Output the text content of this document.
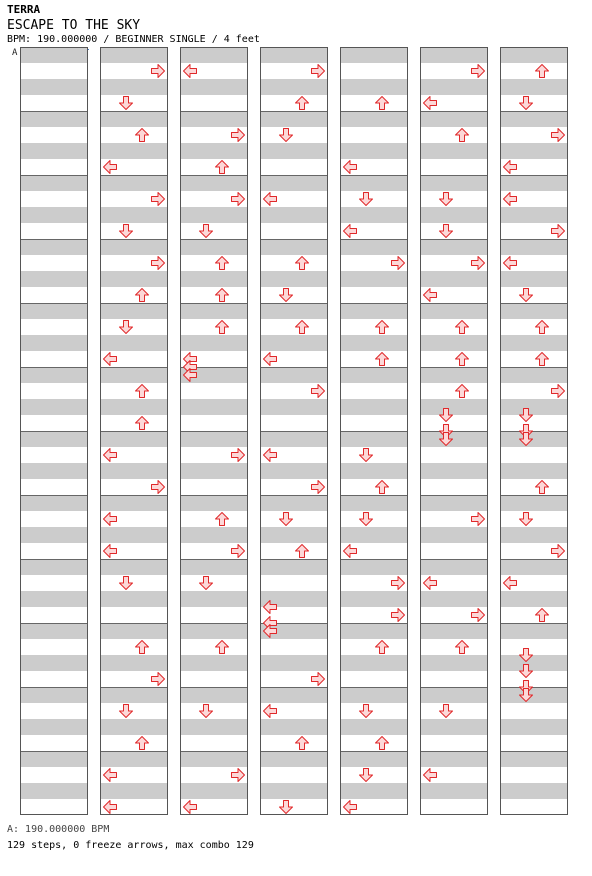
TERRA
ESCAPE TO THE SKY
BPM: 190.000000 / BEGINNER SINGLE / 4 feet
A
A: 190.000000 BPM
129 steps, 0 freeze arrows, max combo 129
